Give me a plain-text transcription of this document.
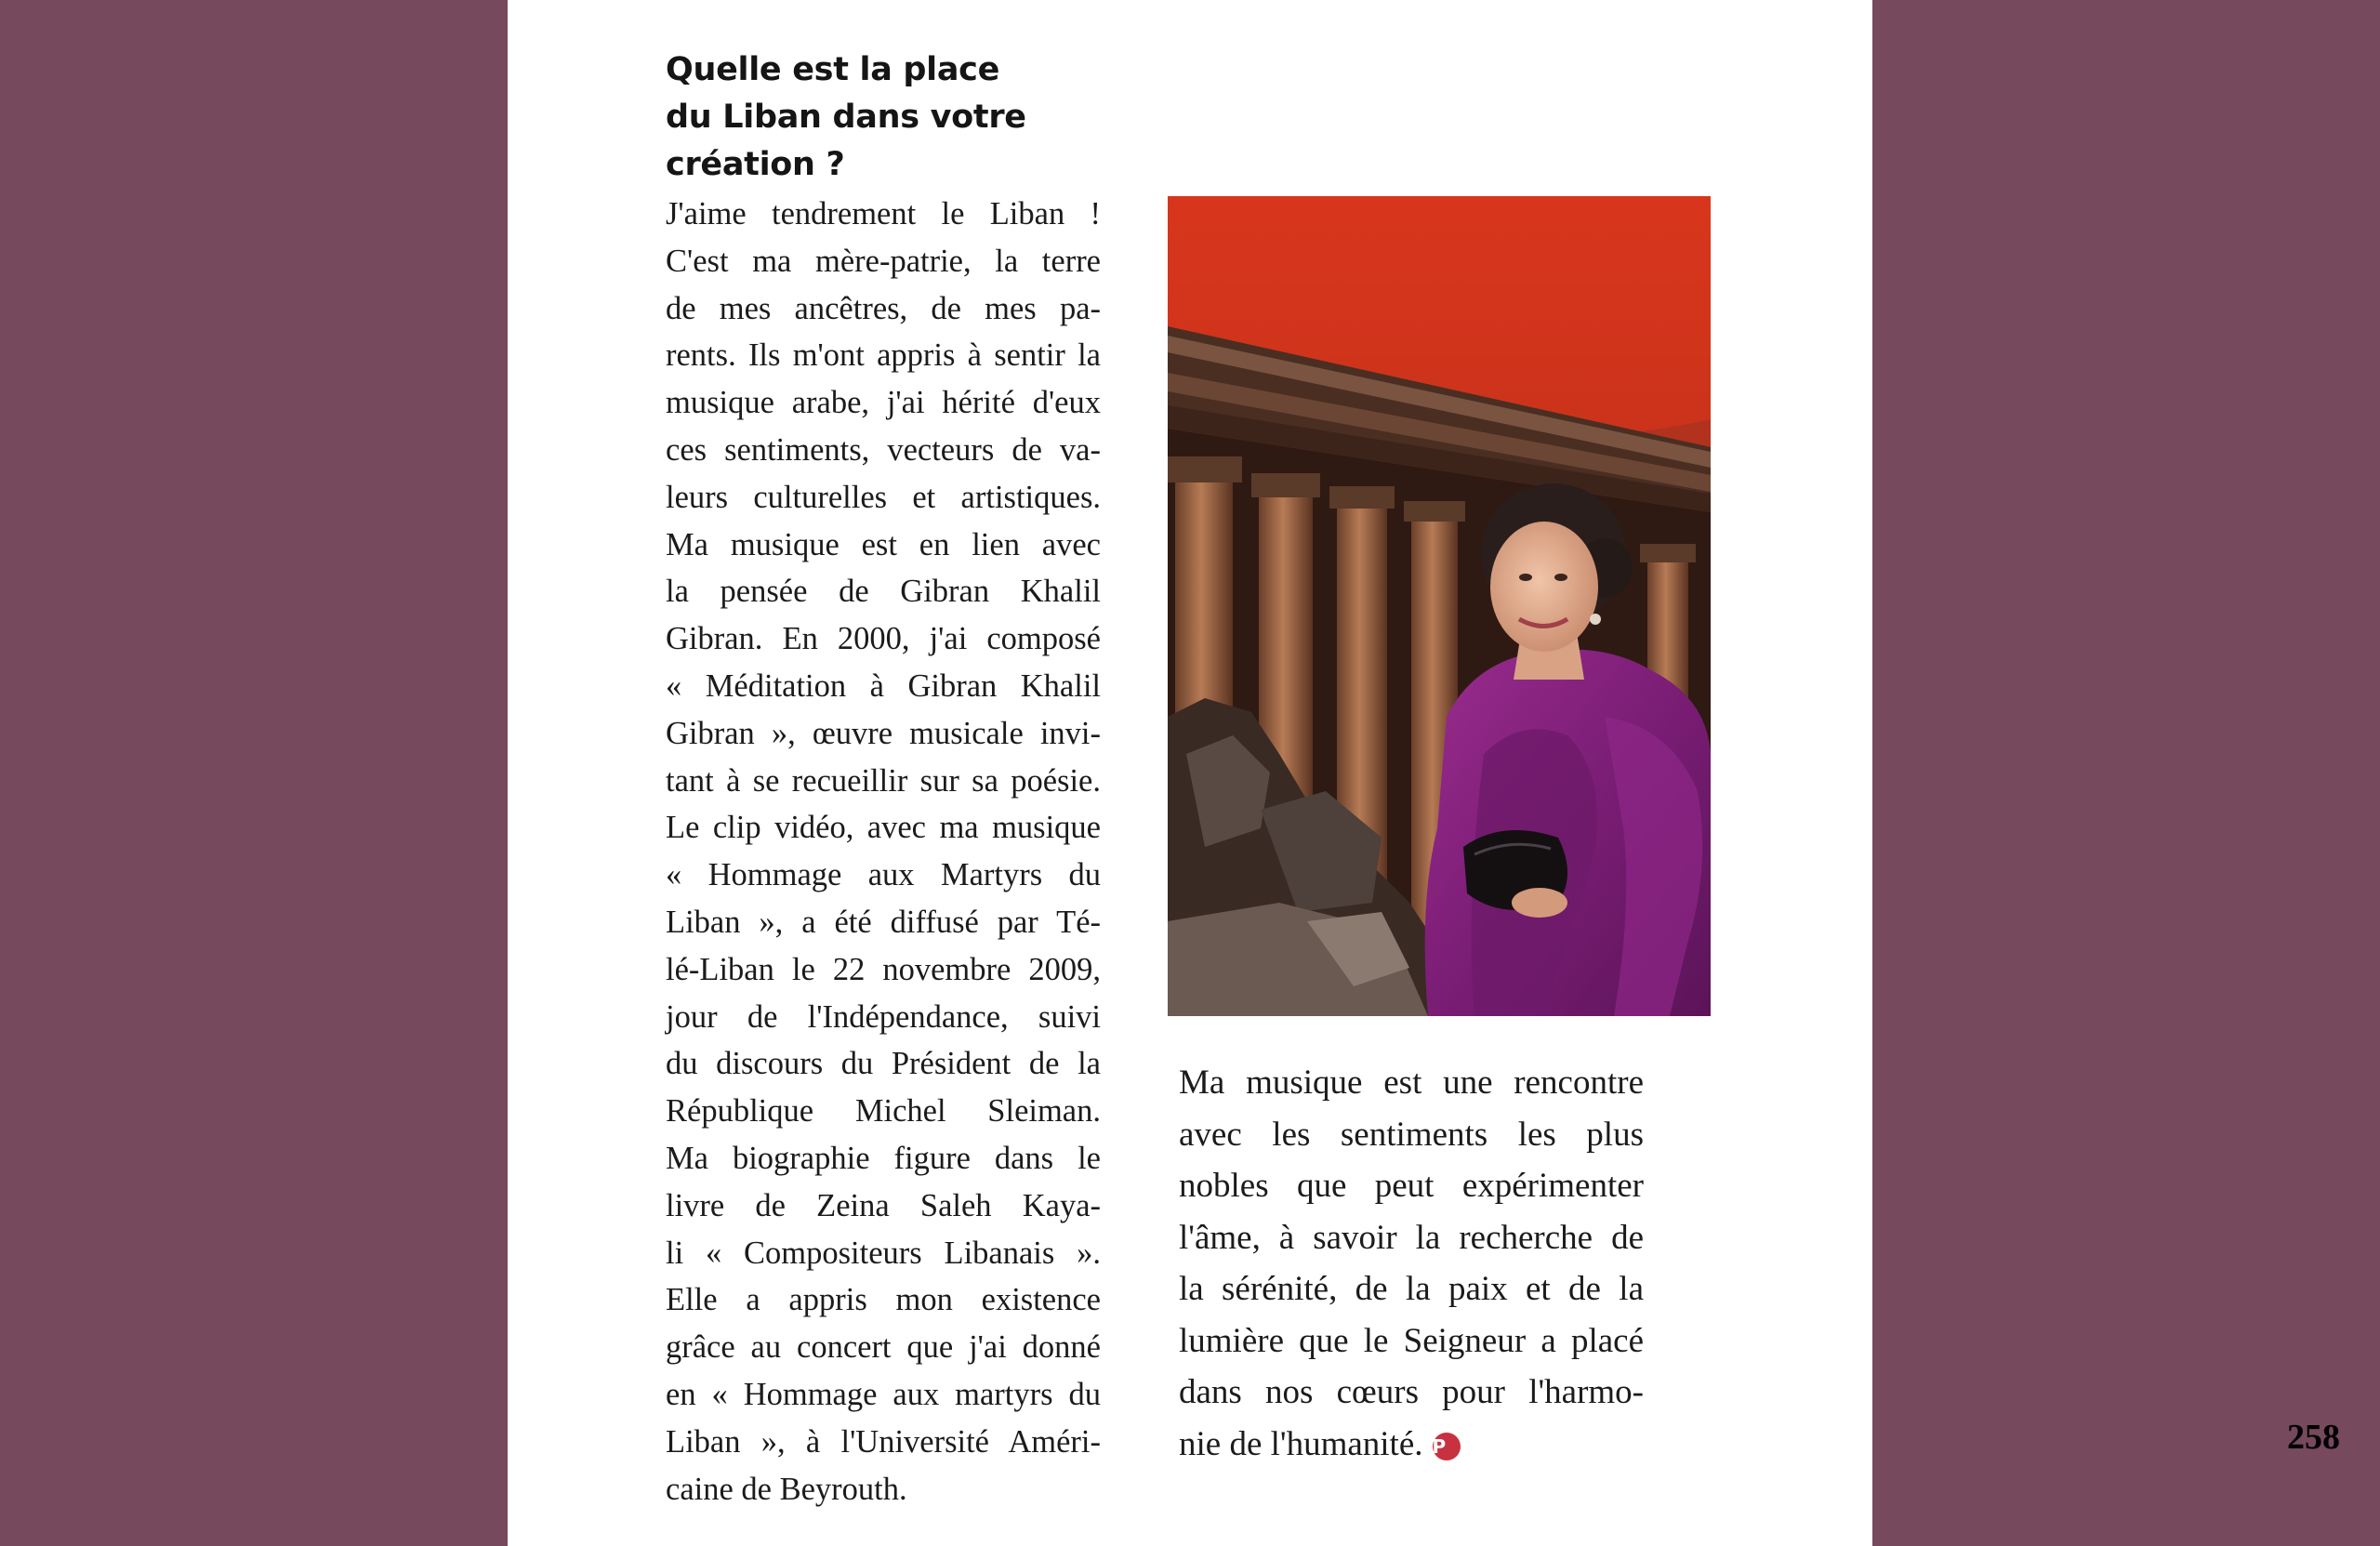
Quelle est la place
du Liban dans votre
création ?
J'aime tendrement le Liban !
C'est ma mère-patrie, la terre
de mes ancêtres, de mes pa-
rents. Ils m'ont appris à sentir la
musique arabe, j'ai hérité d'eux
ces sentiments, vecteurs de va-
leurs culturelles et artistiques.
Ma musique est en lien avec
la pensée de Gibran Khalil
Gibran. En 2000, j'ai composé
« Méditation à Gibran Khalil
Gibran », œuvre musicale invi-
tant à se recueillir sur sa poésie.
Le clip vidéo, avec ma musique
« Hommage aux Martyrs du
Liban », a été diffusé par Té-
lé-Liban le 22 novembre 2009,
jour de l'Indépendance, suivi
du discours du Président de la
République Michel Sleiman.
Ma biographie figure dans le
livre de Zeina Saleh Kaya-
li « Compositeurs Libanais ».
Elle a appris mon existence
grâce au concert que j'ai donné
en « Hommage aux martyrs du
Liban », à l'Université Améri-
caine de Beyrouth.
Ma musique est une rencontre
avec les sentiments les plus
nobles que peut expérimenter
l'âme, à savoir la recherche de
la sérénité, de la paix et de la
lumière que le Seigneur a placé
dans nos cœurs pour l'harmo-
nie de l'humanité. P	258
